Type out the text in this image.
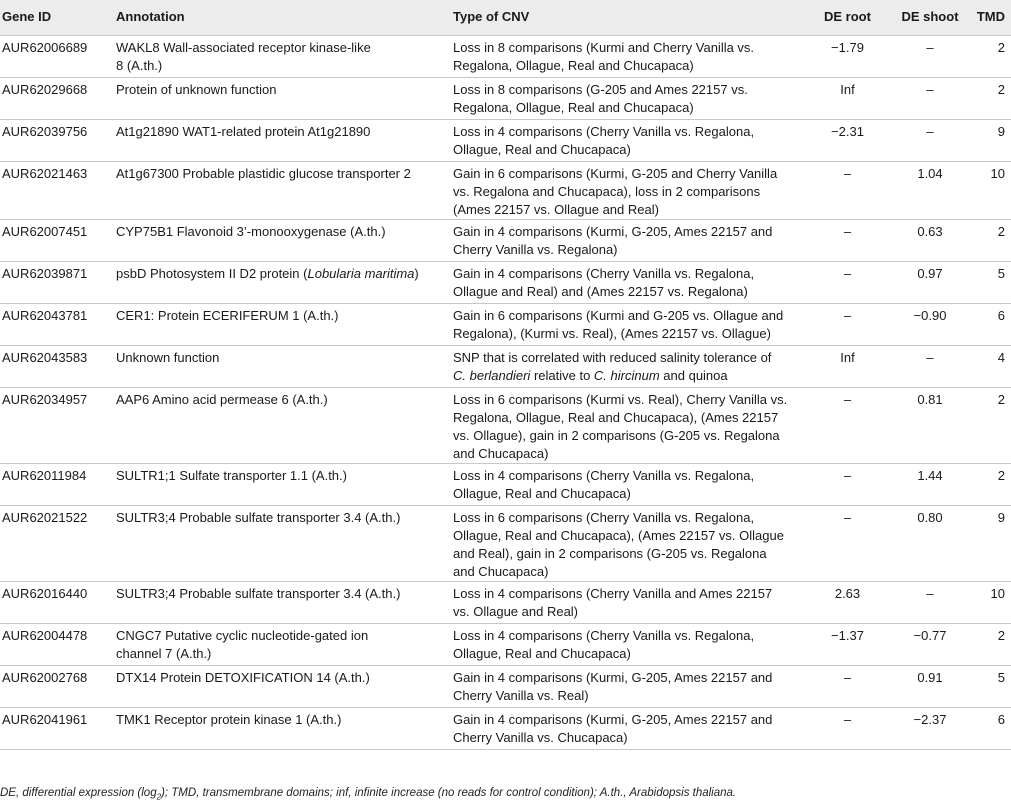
Gene ID	Annotation	Type of CNV	DE root	DE shoot	TMD
AUR62006689	WAKL8 Wall-associated receptor kinase-like
8 (A.th.)	Loss in 8 comparisons (Kurmi and Cherry Vanilla vs.
Regalona, Ollague, Real and Chucapaca)	−1.79	–	2
AUR62029668	Protein of unknown function	Loss in 8 comparisons (G-205 and Ames 22157 vs.
Regalona, Ollague, Real and Chucapaca)	Inf	–	2
AUR62039756	At1g21890 WAT1-related protein At1g21890	Loss in 4 comparisons (Cherry Vanilla vs. Regalona,
Ollague, Real and Chucapaca)	−2.31	–	9
AUR62021463	At1g67300 Probable plastidic glucose transporter 2	Gain in 6 comparisons (Kurmi, G-205 and Cherry Vanilla
vs. Regalona and Chucapaca), loss in 2 comparisons
(Ames 22157 vs. Ollague and Real)	–	1.04	10
AUR62007451	CYP75B1 Flavonoid 3’-monooxygenase (A.th.)	Gain in 4 comparisons (Kurmi, G-205, Ames 22157 and
Cherry Vanilla vs. Regalona)	–	0.63	2
AUR62039871	psbD Photosystem II D2 protein (Lobularia maritima)	Gain in 4 comparisons (Cherry Vanilla vs. Regalona,
Ollague and Real) and (Ames 22157 vs. Regalona)	–	0.97	5
AUR62043781	CER1: Protein ECERIFERUM 1 (A.th.)	Gain in 6 comparisons (Kurmi and G-205 vs. Ollague and
Regalona), (Kurmi vs. Real), (Ames 22157 vs. Ollague)	–	−0.90	6
AUR62043583	Unknown function	SNP that is correlated with reduced salinity tolerance of
C. berlandieri relative to C. hircinum and quinoa	Inf	–	4
AUR62034957	AAP6 Amino acid permease 6 (A.th.)	Loss in 6 comparisons (Kurmi vs. Real), Cherry Vanilla vs.
Regalona, Ollague, Real and Chucapaca), (Ames 22157
vs. Ollague), gain in 2 comparisons (G-205 vs. Regalona
and Chucapaca)	–	0.81	2
AUR62011984	SULTR1;1 Sulfate transporter 1.1 (A.th.)	Loss in 4 comparisons (Cherry Vanilla vs. Regalona,
Ollague, Real and Chucapaca)	–	1.44	2
AUR62021522	SULTR3;4 Probable sulfate transporter 3.4 (A.th.)	Loss in 6 comparisons (Cherry Vanilla vs. Regalona,
Ollague, Real and Chucapaca), (Ames 22157 vs. Ollague
and Real), gain in 2 comparisons (G-205 vs. Regalona
and Chucapaca)	–	0.80	9
AUR62016440	SULTR3;4 Probable sulfate transporter 3.4 (A.th.)	Loss in 4 comparisons (Cherry Vanilla and Ames 22157
vs. Ollague and Real)	2.63	–	10
AUR62004478	CNGC7 Putative cyclic nucleotide-gated ion
channel 7 (A.th.)	Loss in 4 comparisons (Cherry Vanilla vs. Regalona,
Ollague, Real and Chucapaca)	−1.37	−0.77	2
AUR62002768	DTX14 Protein DETOXIFICATION 14 (A.th.)	Gain in 4 comparisons (Kurmi, G-205, Ames 22157 and
Cherry Vanilla vs. Real)	–	0.91	5
AUR62041961	TMK1 Receptor protein kinase 1 (A.th.)	Gain in 4 comparisons (Kurmi, G-205, Ames 22157 and
Cherry Vanilla vs. Chucapaca)	–	−2.37	6
DE, differential expression $(\log_2)$; TMD, transmembrane domains; inf, infinite increase (no reads for control condition); A.th., Arabidopsis thaliana.
